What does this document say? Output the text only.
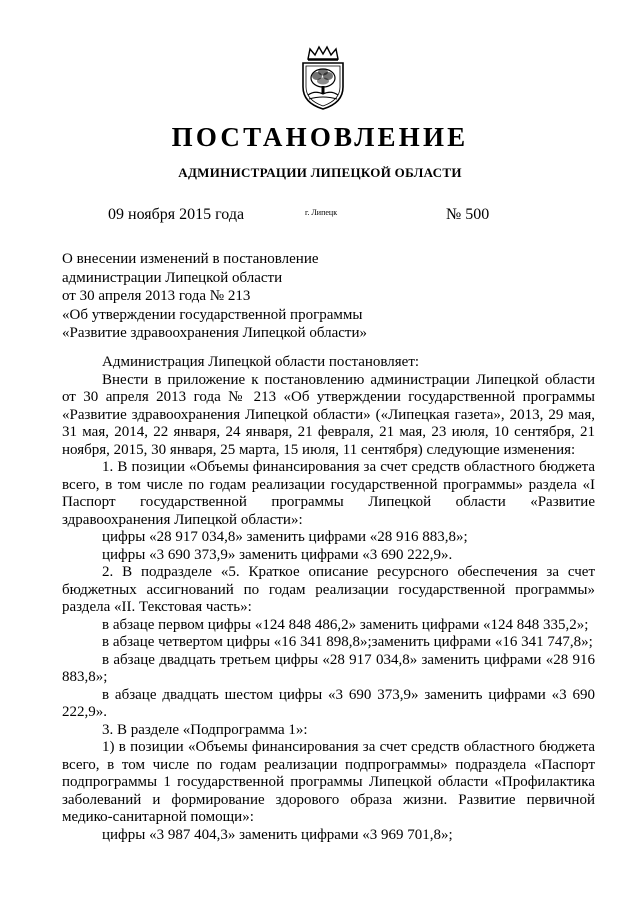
ПОСТАНОВЛЕНИЕ
АДМИНИСТРАЦИИ ЛИПЕЦКОЙ ОБЛАСТИ
09 ноября 2015 года	г. Липецк	№ 500
О внесении изменений в постановление
администрации Липецкой области
от 30 апреля 2013 года № 213
«Об утверждении государственной программы
«Развитие здравоохранения Липецкой области»

Администрация Липецкой области постановляет:

Внести в приложение к постановлению администрации Липецкой области от 30 апреля 2013 года № 213 «Об утверждении государственной программы «Развитие здравоохранения Липецкой области» («Липецкая газета», 2013, 29 мая, 31 мая, 2014, 22 января, 24 января, 21 февраля, 21 мая, 23 июля, 10 сентября, 21 ноября, 2015, 30 января, 25 марта, 15 июля, 11 сентября) следующие изменения:

1. В позиции «Объемы финансирования за счет средств областного бюджета всего, в том числе по годам реализации государственной программы» раздела «I Паспорт государственной программы Липецкой области «Развитие здравоохранения Липецкой области»:

цифры «28 917 034,8» заменить цифрами «28 916 883,8»;

цифры «3 690 373,9» заменить цифрами «3 690 222,9».

2. В подразделе «5. Краткое описание ресурсного обеспечения за счет бюджетных ассигнований по годам реализации государственной программы» раздела «II. Текстовая часть»:

в абзаце первом цифры «124 848 486,2» заменить цифрами «124 848 335,2»;

в абзаце четвертом цифры «16 341 898,8»;заменить цифрами «16 341 747,8»;

в абзаце двадцать третьем цифры «28 917 034,8» заменить цифрами «28 916 883,8»;

в абзаце двадцать шестом цифры «3 690 373,9» заменить цифрами «3 690 222,9».

3. В разделе «Подпрограмма 1»:

1) в позиции «Объемы финансирования за счет средств областного бюджета всего, в том числе по годам реализации подпрограммы» подраздела «Паспорт подпрограммы 1 государственной программы Липецкой области «Профилактика заболеваний и формирование здорового образа жизни. Развитие первичной медико-санитарной помощи»:

цифры «3 987 404,3» заменить цифрами «3 969 701,8»;
